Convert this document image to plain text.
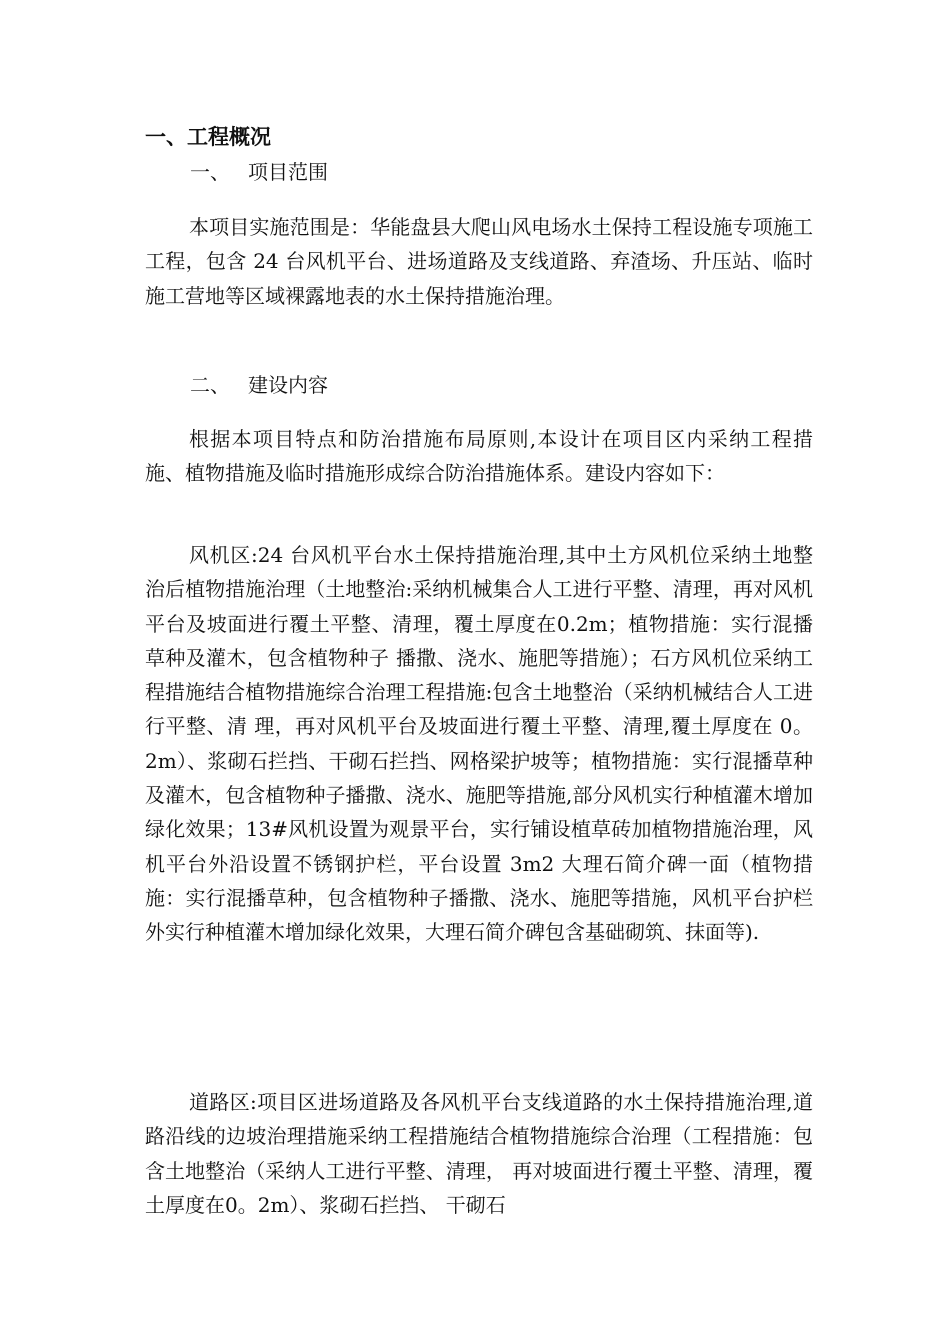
一、工程概况
一、 项目范围

本项目实施范围是：华能盘县大爬山风电场水土保持工程设施专项施工工程，包含 24 台风机平台、进场道路及支线道路、弃渣场、升压站、临时施工营地等区域裸露地表的水土保持措施治理。

二、 建设内容

根据本项目特点和防治措施布局原则,本设计在项目区内采纳工程措施、植物措施及临时措施形成综合防治措施体系。建设内容如下：

风机区:24 台风机平台水土保持措施治理,其中土方风机位采纳土地整治后植物措施治理（土地整治:采纳机械集合人工进行平整、清理，再对风机平台及坡面进行覆土平整、清理，覆土厚度在0.2m；植物措施：实行混播草种及灌木，包含植物种子 播撒、浇水、施肥等措施）；石方风机位采纳工程措施结合植物措施综合治理工程措施:包含土地整治（采纳机械结合人工进行平整、清 理，再对风机平台及坡面进行覆土平整、清理,覆土厚度在 0。2m）、浆砌石拦挡、干砌石拦挡、网格梁护坡等；植物措施：实行混播草种 及灌木，包含植物种子播撒、浇水、施肥等措施,部分风机实行种植灌木增加绿化效果；13#风机设置为观景平台，实行铺设植草砖加植物措施治理，风机平台外沿设置不锈钢护栏，平台设置 3m2 大理石简介碑一面（植物措施：实行混播草种，包含植物种子播撒、浇水、施肥等措施，风机平台护栏外实行种植灌木增加绿化效果，大理石简介碑包含基础砌筑、抹面等).

道路区:项目区进场道路及各风机平台支线道路的水土保持措施治理,道路沿线的边坡治理措施采纳工程措施结合植物措施综合治理（工程措施：包含土地整治（采纳人工进行平整、清理， 再对坡面进行覆土平整、清理，覆土厚度在0。2m）、浆砌石拦挡、 干砌石
